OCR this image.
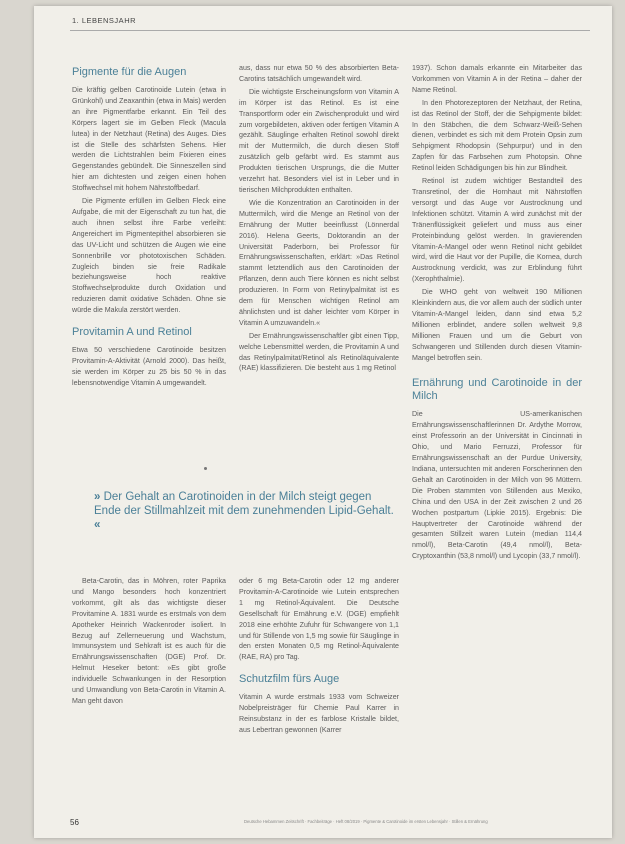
1. LEBENSJAHR
Pigmente für die Augen

Die kräftig gelben Carotinoide Lutein (etwa in Grünkohl) und Zeaxanthin (etwa in Mais) werden an ihre Pigmentfarbe erkannt. Ein Teil des Körpers lagert sie im Gelben Fleck (Macula lutea) in der Netzhaut (Retina) des Auges. Dies ist die Stelle des schärfsten Sehens. Hier werden die Lichtstrahlen beim Fixieren eines Gegenstandes gebündelt. Die Sinneszellen sind hier am dichtesten und zeigen einen hohen Stoffwechsel mit hohem Nährstoffbedarf.

Die Pigmente erfüllen im Gelben Fleck eine Aufgabe, die mit der Eigenschaft zu tun hat, die auch ihnen selbst ihre Farbe verleiht: Angereichert im Pigmentepithel absorbieren sie das UV-Licht und schützen die Augen wie eine Sonnenbrille vor phototoxischen Schäden. Zugleich binden sie freie Radikale beziehungsweise hoch reaktive Stoffwechselprodukte durch Oxidation und reduzieren damit oxidative Schäden. Ohne sie würde die Makula zerstört werden.

Provitamin A und Retinol

Etwa 50 verschiedene Carotinoide besitzen Provitamin-A-Aktivität (Arnold 2000). Das heißt, sie werden im Körper zu 25 bis 50 % in das lebensnotwendige Vitamin A umgewandelt.

aus, dass nur etwa 50 % des absorbierten Beta-Carotins tatsächlich umgewandelt wird.

Die wichtigste Erscheinungsform von Vitamin A im Körper ist das Retinol. Es ist eine Transportform oder ein Zwischenprodukt und wird zum vorgebildeten, aktiven oder fertigen Vitamin A gezählt. Säuglinge erhalten Retinol sowohl direkt mit der Muttermilch, die durch diesen Stoff zusätzlich gelb gefärbt wird. Es stammt aus Produkten tierischen Ursprungs, die die Mutter verzehrt hat. Besonders viel ist in Leber und in tierischen Milchprodukten enthalten.

Wie die Konzentration an Carotinoiden in der Muttermilch, wird die Menge an Retinol von der Ernährung der Mutter beeinflusst (Lönnerdal 2016). Helena Geerts, Doktorandin an der Universität Paderborn, bei Professor für Ernährungswissenschaften, erklärt: »Das Retinol stammt letztendlich aus den Carotinoiden der Pflanzen, denn auch Tiere können es nicht selbst produzieren. In Form von Retinylpalmitat ist es dem für Menschen wichtigen Retinol am ähnlichsten und ist daher leichter vom Körper in Vitamin A umzuwandeln.«

Der Ernährungswissenschaftler gibt einen Tipp, welche Lebensmittel werden, die Provitamin A und das Retinylpalmitat/Retinol als Retinoläquivalente (RAE) klassifizieren. Die besteht aus 1 mg Retinol

1937). Schon damals erkannte ein Mitarbeiter das Vorkommen von Vitamin A in der Retina – daher der Name Retinol.

In den Photorezeptoren der Netzhaut, der Retina, ist das Retinol der Stoff, der die Sehpigmente bildet: In den Stäbchen, die dem Schwarz-Weiß-Sehen dienen, verbindet es sich mit dem Protein Opsin zum Sehpigment Rhodopsin (Sehpurpur) und in den Zapfen für das Farbsehen zum Photopsin. Ohne Retinol leiden Schädigungen bis hin zur Blindheit.

Retinol ist zudem wichtiger Bestandteil des Transretinol, der die Hornhaut mit Nährstoffen versorgt und das Auge vor Austrocknung und Infektionen schützt. Vitamin A wird zunächst mit der Tränenflüssigkeit geliefert und muss aus einer Proteinbindung gelöst werden. In gravierenden Vitamin-A-Mangel oder wenn Retinol nicht gebildet wird, wird die Haut vor der Pupille, die Kornea, durch Austrocknung verdickt, was zur Erblindung führt (Xerophthalmie).

Die WHO geht von weltweit 190 Millionen Kleinkindern aus, die vor allem auch der südlich unter Vitamin-A-Mangel leiden, dann sind etwa 5,2 Millionen erblindet, andere sollen weltweit 9,8 Millionen Frauen und um die Geburt von Schwangeren und Stillenden durch diesen Vitamin-Mangel betroffen sein.

Ernährung und Carotinoide in der Milch

Die US-amerikanischen Ernährungswissenschaftlerinnen Dr. Ardythe Morrow, einst Professorin an der Universität in Cincinnati in Ohio, und Mario Ferruzzi, Professor für Ernährungswissenschaft an der Purdue University, Indiana, untersuchten mit anderen Forscherinnen den Gehalt an Carotinoiden in der Milch von 96 Müttern. Die Proben stammten von Stillenden aus Mexiko, China und den USA in der Zeit zwischen 2 und 26 Wochen postpartum (Lipkie 2015). Ergebnis: Die Hauptvertreter der Carotinoide während der gesamten Stillzeit waren Lutein (median 114,4 nmol/l), Beta-Carotin (49,4 nmol/l), Beta-Cryptoxanthin (53,8 nmol/l) und Lycopin (33,7 nmol/l).

» Der Gehalt an Carotinoiden in der Milch steigt gegen Ende der Stillmahlzeit mit dem zunehmenden Lipid-Gehalt. «

Beta-Carotin, das in Möhren, roter Paprika und Mango besonders hoch konzentriert vorkommt, gilt als das wichtigste dieser Provitamine A. 1831 wurde es erstmals von dem Apotheker Heinrich Wackenroder isoliert. In Bezug auf Zellerneuerung und Wachstum, Immunsystem und Sehkraft ist es auch für die Ernährungswissenschaften (DGE) Prof. Dr. Helmut Heseker betont: »Es gibt große individuelle Schwankungen in der Resorption und Umwandlung von Beta-Carotin in Vitamin A. Man geht davon

oder 6 mg Beta-Carotin oder 12 mg anderer Provitamin-A-Carotinoide wie Lutein entsprechen 1 mg Retinol-Äquivalent. Die Deutsche Gesellschaft für Ernährung e.V. (DGE) empfiehlt 2018 eine erhöhte Zufuhr für Schwangere von 1,1 und für Stillende von 1,5 mg sowie für Säuglinge in den ersten Monaten 0,5 mg Retinol-Äquivalente (RAE, RA) pro Tag.

Schutzfilm fürs Auge

Vitamin A wurde erstmals 1933 vom Schweizer Nobelpreisträger für Chemie Paul Karrer in Reinsubstanz in der es farblose Kristalle bildet, aus Lebertran gewonnen (Karrer

56	Deutsche Hebammen Zeitschrift · Fachbeiträge · Heft 08/2019 · Pigmente & Carotinoide im ersten Lebensjahr · Stillen & Ernährung
